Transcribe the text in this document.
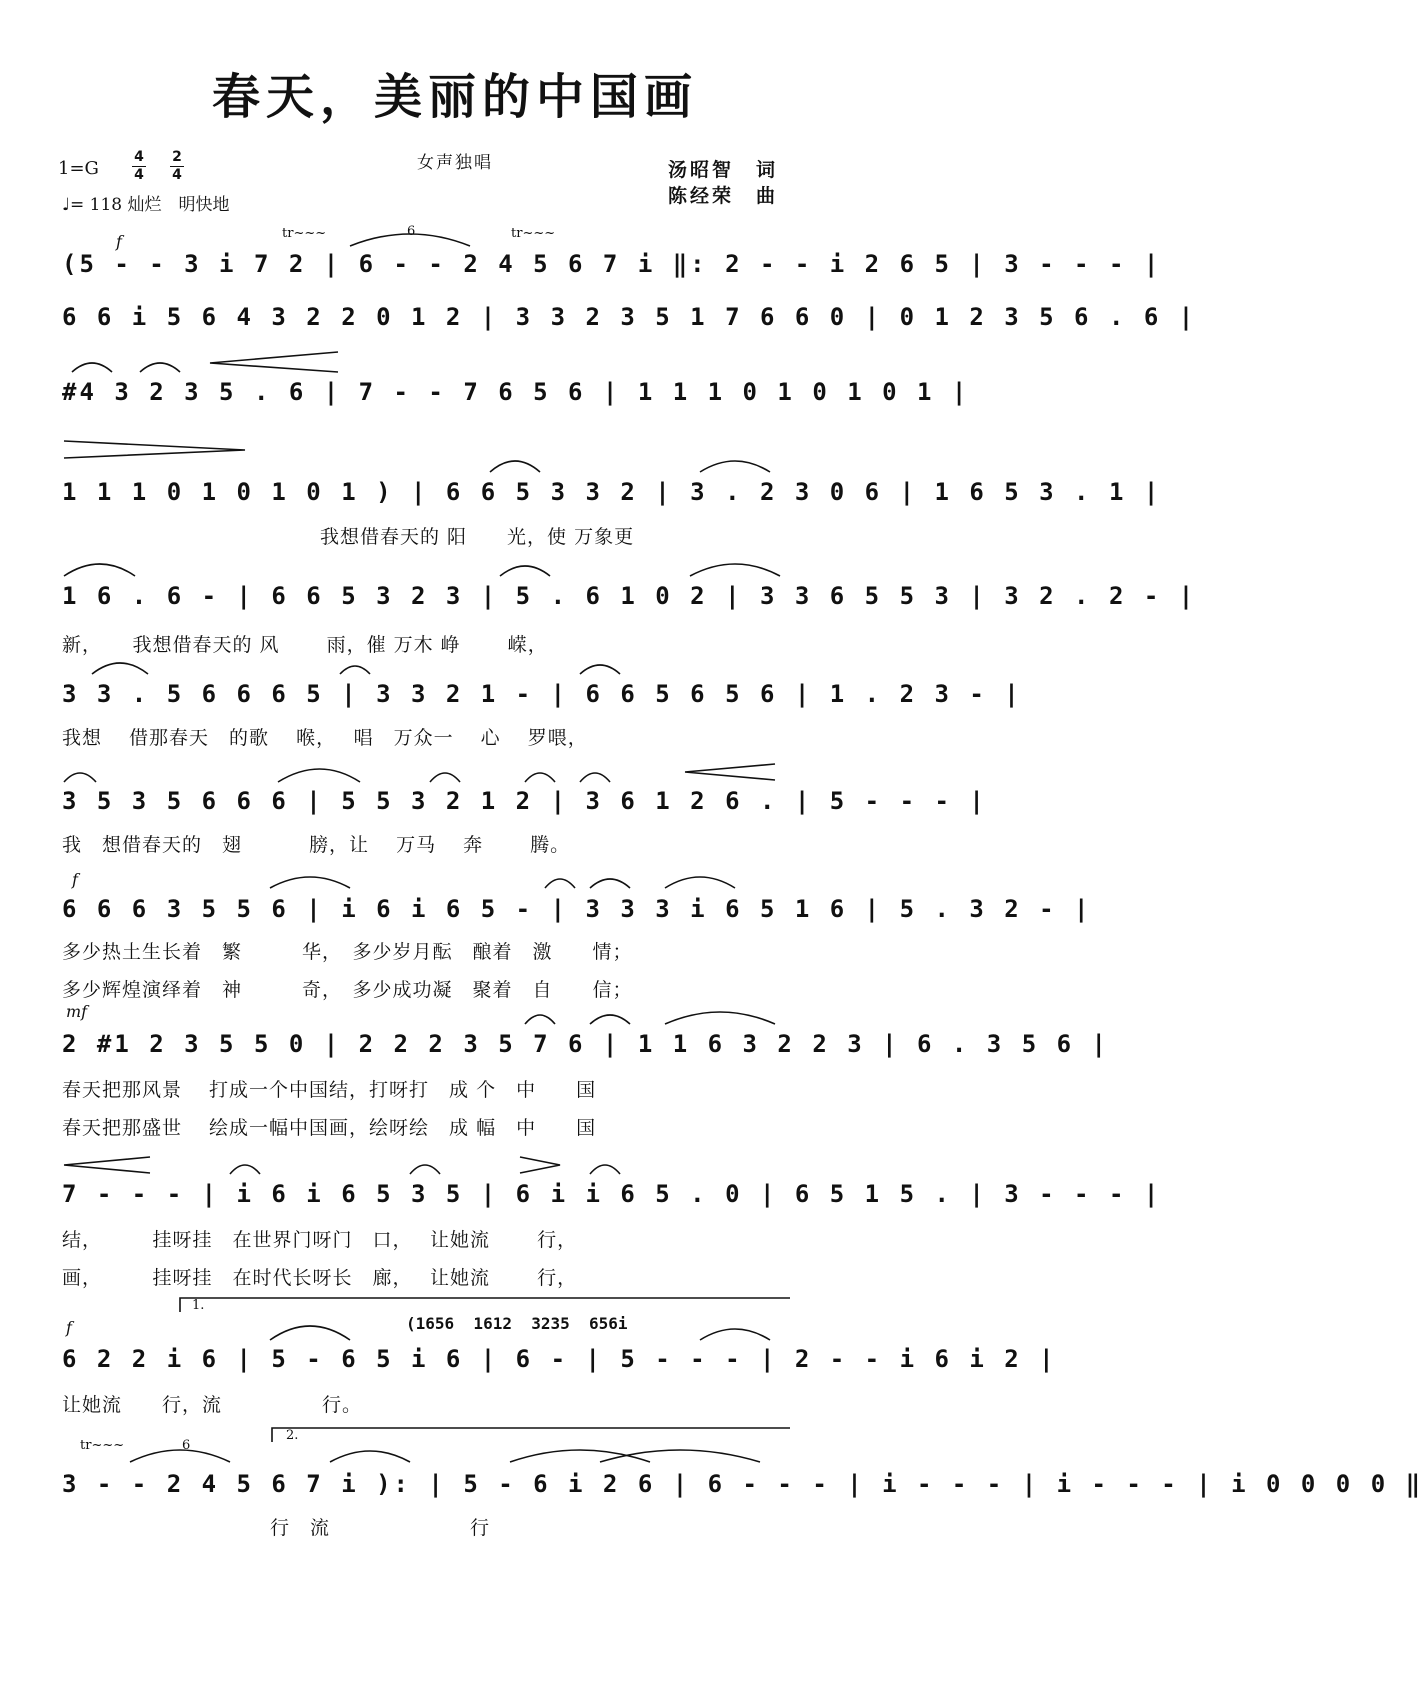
春天，美丽的中国画
女声独唱
1=G
4
4
2
4
♩= 118 灿烂　明快地
汤昭智　词
陈经荣　曲
tr~~~	6	tr~~~
f
f
mf
f
1.
2.
tr~~~	6
(5 - - 3 i 7 2 | 6 - - 2 4 5 6 7 i ‖: 2 - - i 2 6 5 | 3 - - - |
6 6 i 5 6 4 3 2 2 0 1 2 | 3 3 2 3 5 1 7 6 6 0 | 0 1 2 3 5 6 . 6 |
#4 3 2 3 5 . 6 | 7 - - 7 6 5 6 | 1 1 1 0 1 0 1 0 1 |
1 1 1 0 1 0 1 0 1 ) | 6 6 5 3 3 2 | 3 . 2 3 0 6 | 1 6 5 3 . 1 |
我想借春天的 阳　　光，使 万象更
1 6 . 6 - | 6 6 5 3 2 3 | 5 . 6 1 0 2 | 3 3 6 5 5 3 | 3 2 . 2 - |
新，　　我想借春天的 风　　 雨，催 万木 峥　　 嵘，
3 3 . 5 6 6 6 5 | 3 3 2 1 - | 6 6 5 6 5 6 | 1 . 2 3 - |
我想　 借那春天　的歌　 喉，　 唱　万众一　 心　 罗喂，
3 5 3 5 6 6 6 | 5 5 3 2 1 2 | 3 6 1 2 6 . | 5 - - - |
我　想借春天的　翅　　　 膀，让　 万马　 奔　　 腾。
6 6 6 3 5 5 6 | i 6 i 6 5 - | 3 3 3 i 6 5 1 6 | 5 . 3 2 - |
多少热土生长着　繁　　　华，　多少岁月酝　酿着　激　　情；
多少辉煌演绎着　神　　　奇，　多少成功凝　聚着　自　　信；
2 #1 2 3 5 5 0 | 2 2 2 3 5 7 6 | 1 1 6 3 2 2 3 | 6 . 3 5 6 |
春天把那风景　 打成一个中国结，打呀打　成 个　中　　国
春天把那盛世　 绘成一幅中国画，绘呀绘　成 幅　中　　国
7 - - - | i 6 i 6 5 3 5 | 6 i i 6 5 . 0 | 6 5 1 5 . | 3 - - - |
结，　　　挂呀挂　在世界门呀门　口，　 让她流　　 行，
画，　　　挂呀挂　在时代长呀长　廊，　 让她流　　 行，
(1656  1612  3235  656i
6 2 2 i 6 | 5 - 6 5 i 6 | 6 - | 5 - - - | 2 - - i 6 i 2 |
让她流　　行，流　　　　　行。
3 - - 2 4 5 6 7 i ): | 5 - 6 i 2 6 | 6 - - - | i - - - | i - - - | i 0 0 0 0 ‖
行　流　　　　　　　行
